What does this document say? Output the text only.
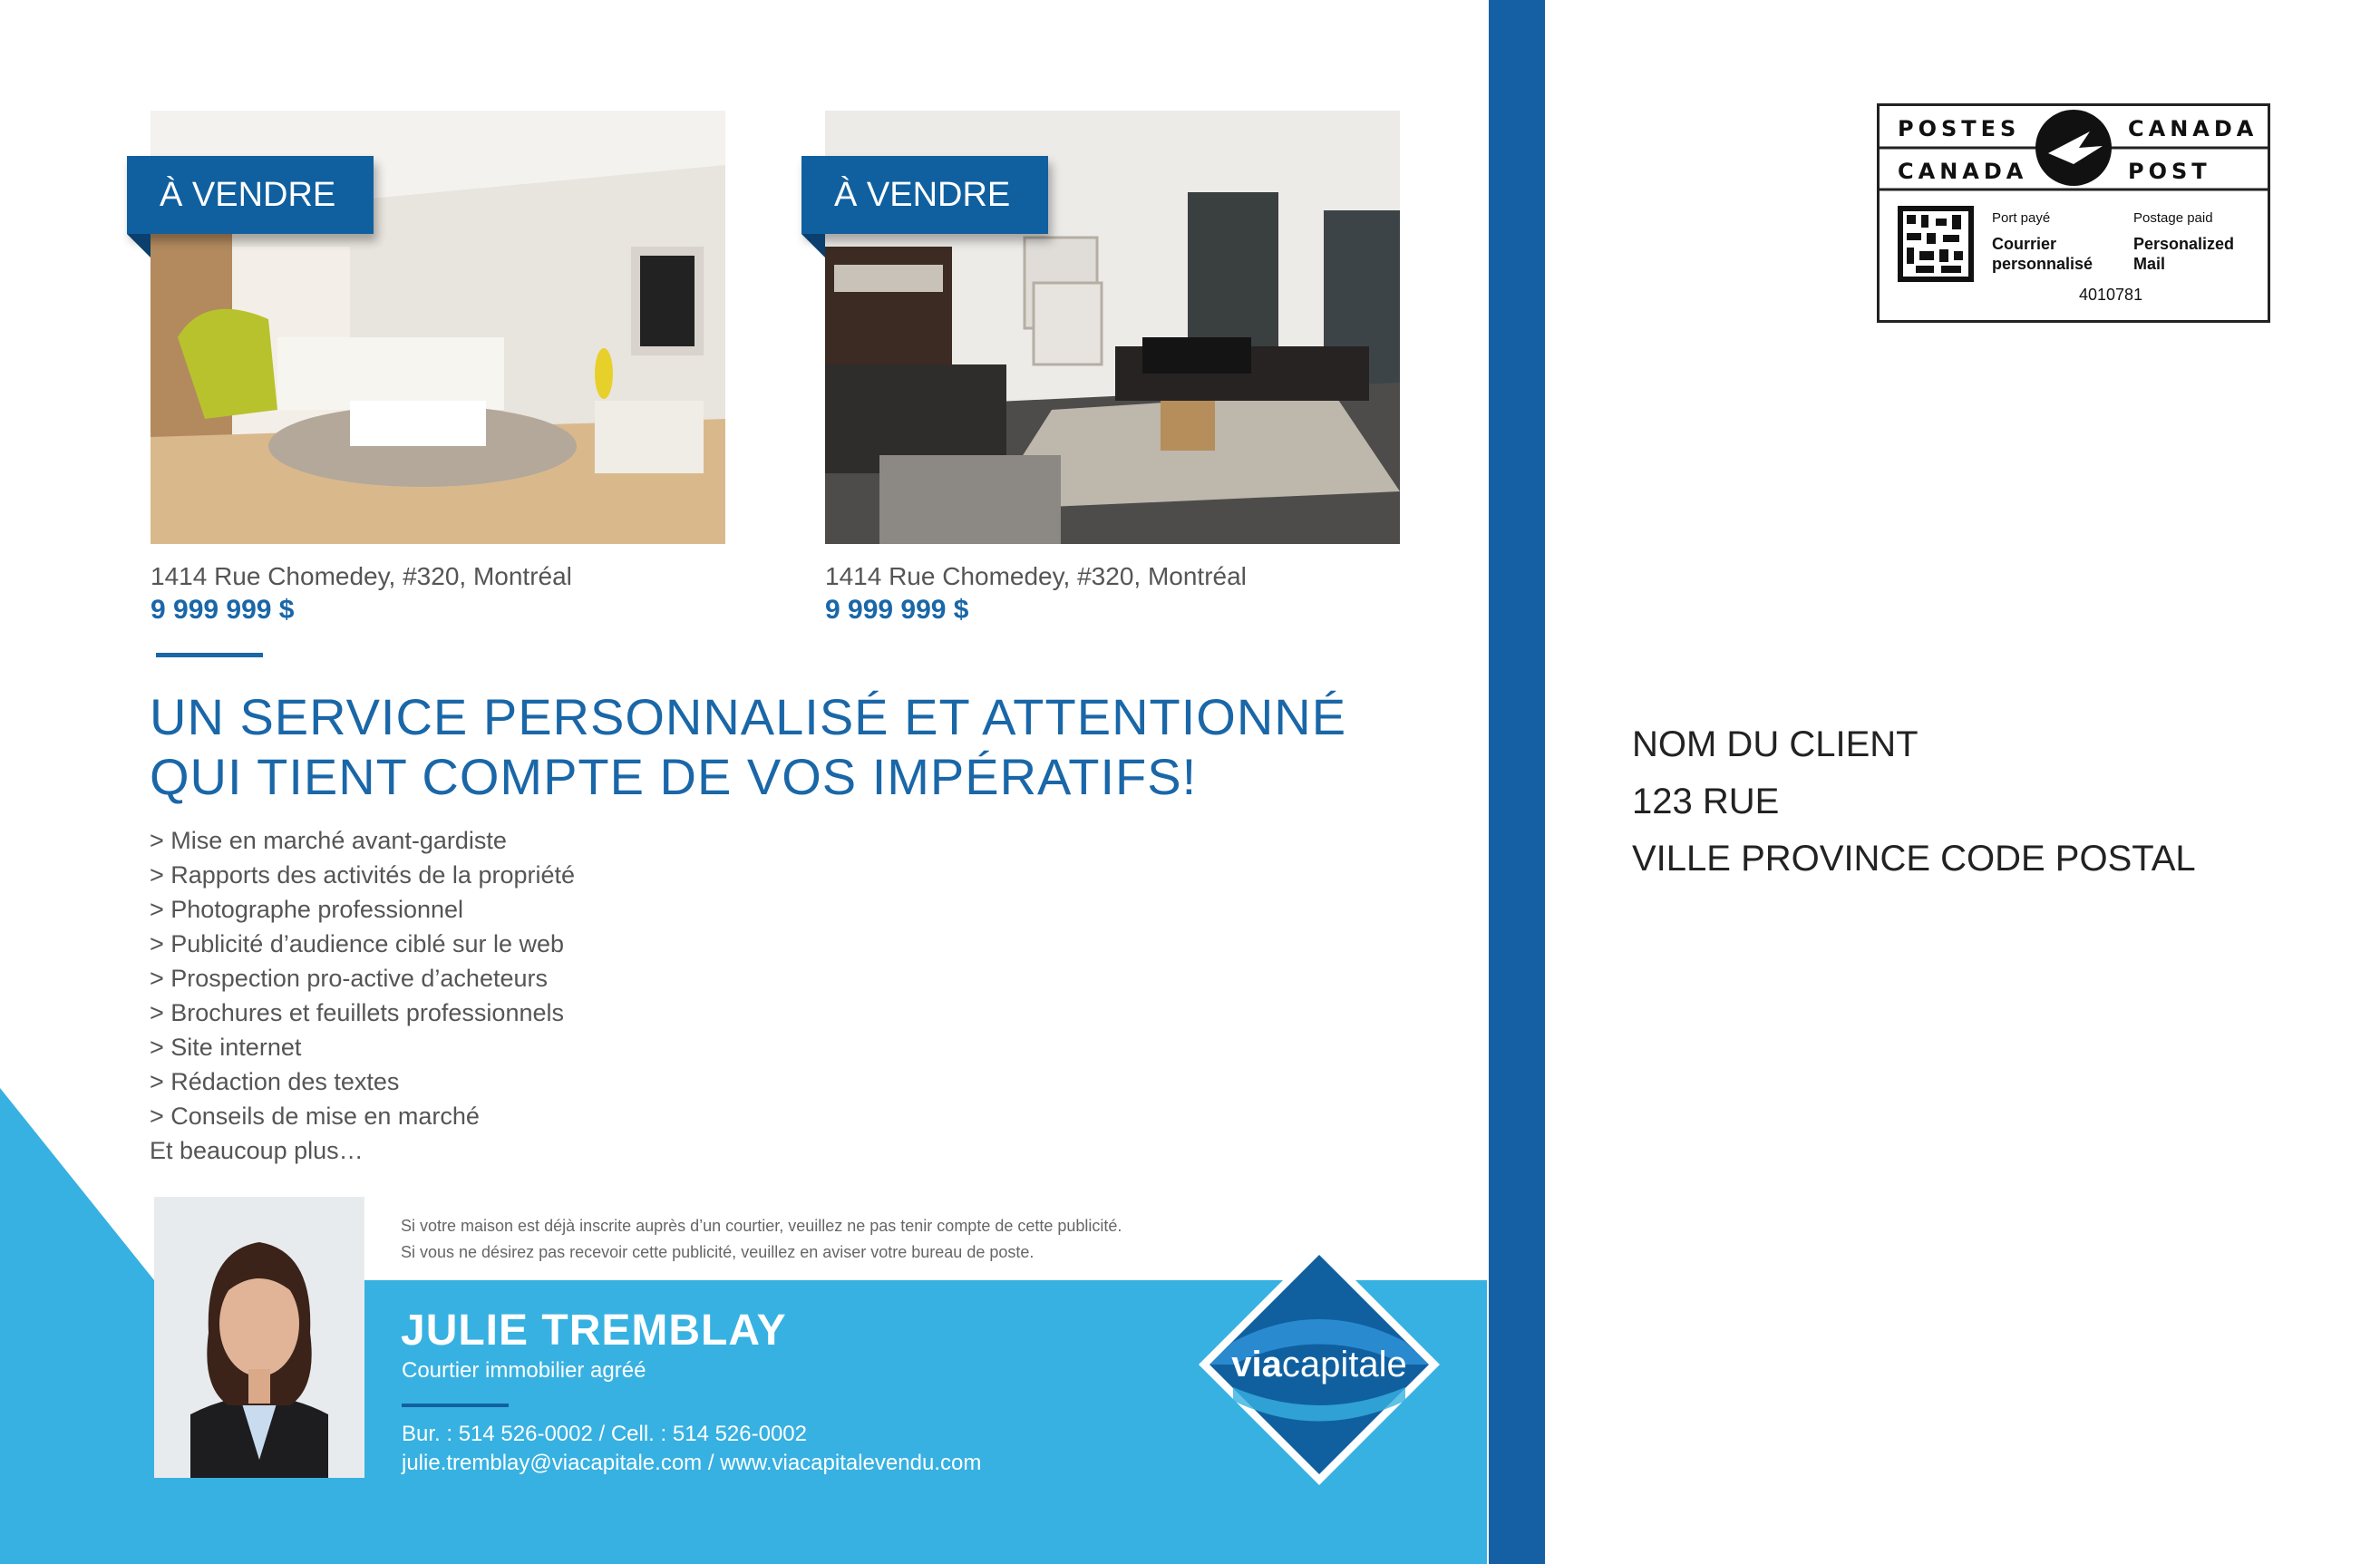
À VENDRE
1414 Rue Chomedey, #320, Montréal
9 999 999 $
À VENDRE
1414 Rue Chomedey, #320, Montréal
9 999 999 $
UN SERVICE PERSONNALISÉ ET ATTENTIONNÉ
QUI TIENT COMPTE DE VOS IMPÉRATIFS!
> Mise en marché avant-gardiste
> Rapports des activités de la propriété
> Photographe professionnel
> Publicité d’audience ciblé sur le web
> Prospection pro-active d’acheteurs
> Brochures et feuillets professionnels
> Site internet
> Rédaction des textes
> Conseils de mise en marché
Et beaucoup plus…
Si votre maison est déjà inscrite auprès d’un courtier, veuillez ne pas tenir compte de cette publicité.
Si vous ne désirez pas recevoir cette publicité, veuillez en aviser votre bureau de poste.
JULIE TREMBLAY
Courtier immobilier agréé
Bur. : 514 526-0002 / Cell. : 514 526-0002
julie.tremblay@viacapitale.com / www.viacapitalevendu.com
viacapitale
POSTES	CANADA
CANADA	POST
Port payé	Postage paid
Courrier
personnalisé
Personalized
Mail
4010781
NOM DU CLIENT
123 RUE
VILLE PROVINCE CODE POSTAL
